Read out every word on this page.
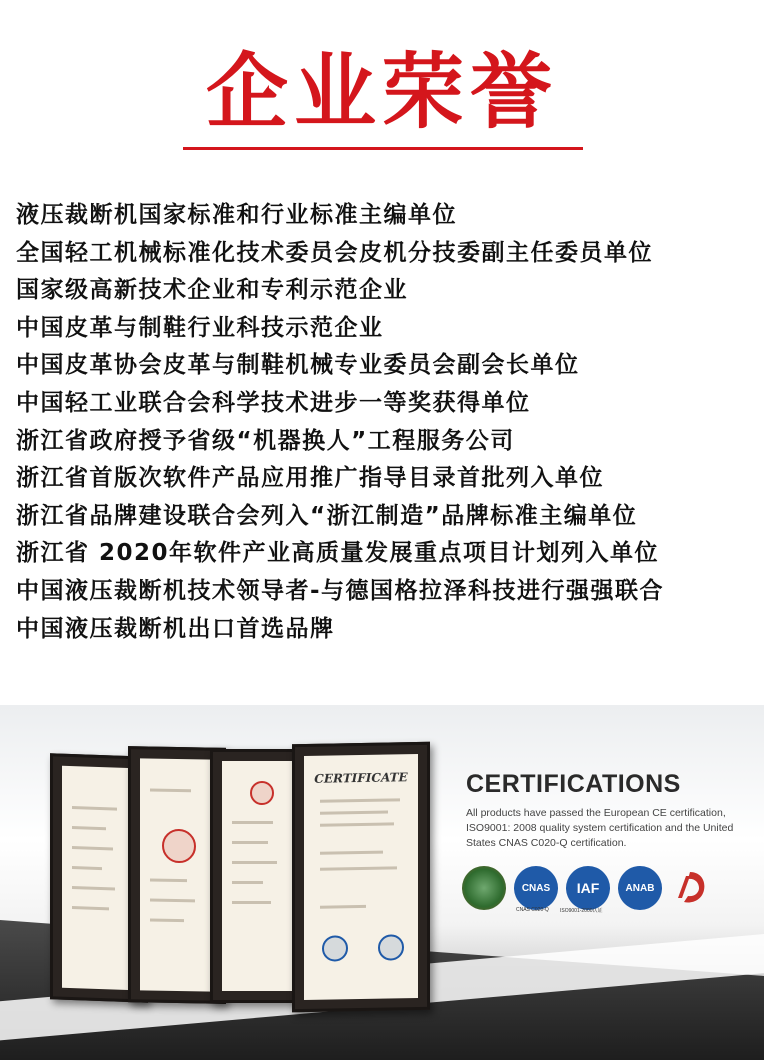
企业荣誉
液压裁断机国家标准和行业标准主编单位
全国轻工机械标准化技术委员会皮机分技委副主任委员单位
国家级高新技术企业和专利示范企业
中国皮革与制鞋行业科技示范企业
中国皮革协会皮革与制鞋机械专业委员会副会长单位
中国轻工业联合会科学技术进步一等奖获得单位
浙江省政府授予省级“机器换人”工程服务公司
浙江省首版次软件产品应用推广指导目录首批列入单位
浙江省品牌建设联合会列入“浙江制造”品牌标准主编单位
浙江省 2020年软件产业高质量发展重点项目计划列入单位
中国液压裁断机技术领导者-与德国格拉泽科技进行强强联合
中国液压裁断机出口首选品牌
CERTIFICATE	CERTIFICATIONS
All products have passed the European CE certification, ISO9001: 2008 quality system certification and the United States CNAS C020-Q certification.
CNAS	IAF	ANAB
CNAS C020-Q ISO9001-2000认证
